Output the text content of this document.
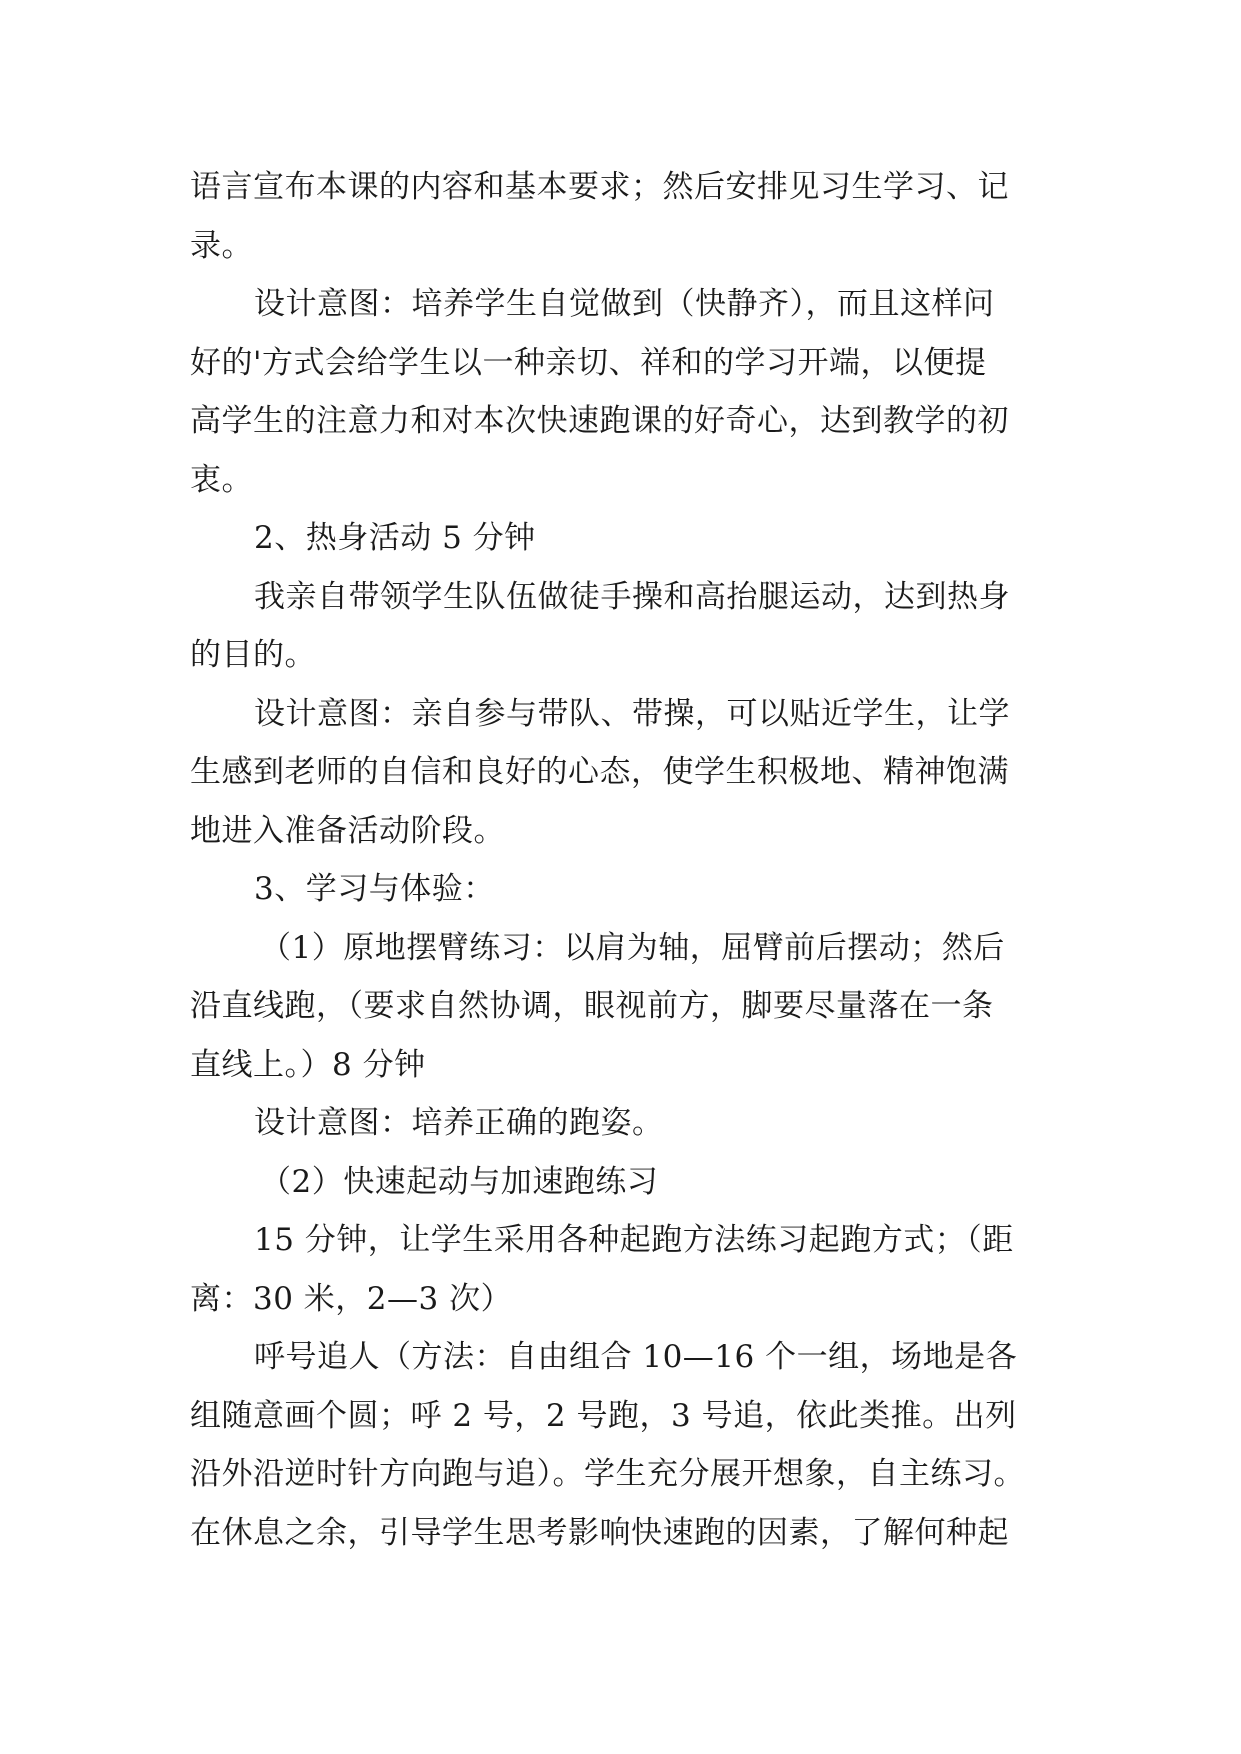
语言宣布本课的内容和基本要求；然后安排见习生学习、记
录。
设计意图：培养学生自觉做到（快静齐），而且这样问
好的'方式会给学生以一种亲切、祥和的学习开端，以便提
高学生的注意力和对本次快速跑课的好奇心，达到教学的初
衷。
2、热身活动 5 分钟
我亲自带领学生队伍做徒手操和高抬腿运动，达到热身
的目的。
设计意图：亲自参与带队、带操，可以贴近学生，让学
生感到老师的自信和良好的心态，使学生积极地、精神饱满
地进入准备活动阶段。
3、学习与体验：
（1）原地摆臂练习：以肩为轴，屈臂前后摆动；然后
沿直线跑，（要求自然协调，眼视前方，脚要尽量落在一条
直线上。）8 分钟
设计意图：培养正确的跑姿。
（2）快速起动与加速跑练习
15 分钟，让学生采用各种起跑方法练习起跑方式；（距
离：30 米，2—3 次）
呼号追人（方法：自由组合 10—16 个一组，场地是各
组随意画个圆；呼 2 号，2 号跑，3 号追，依此类推。出列
沿外沿逆时针方向跑与追）。学生充分展开想象，自主练习。
在休息之余，引导学生思考影响快速跑的因素，了解何种起
